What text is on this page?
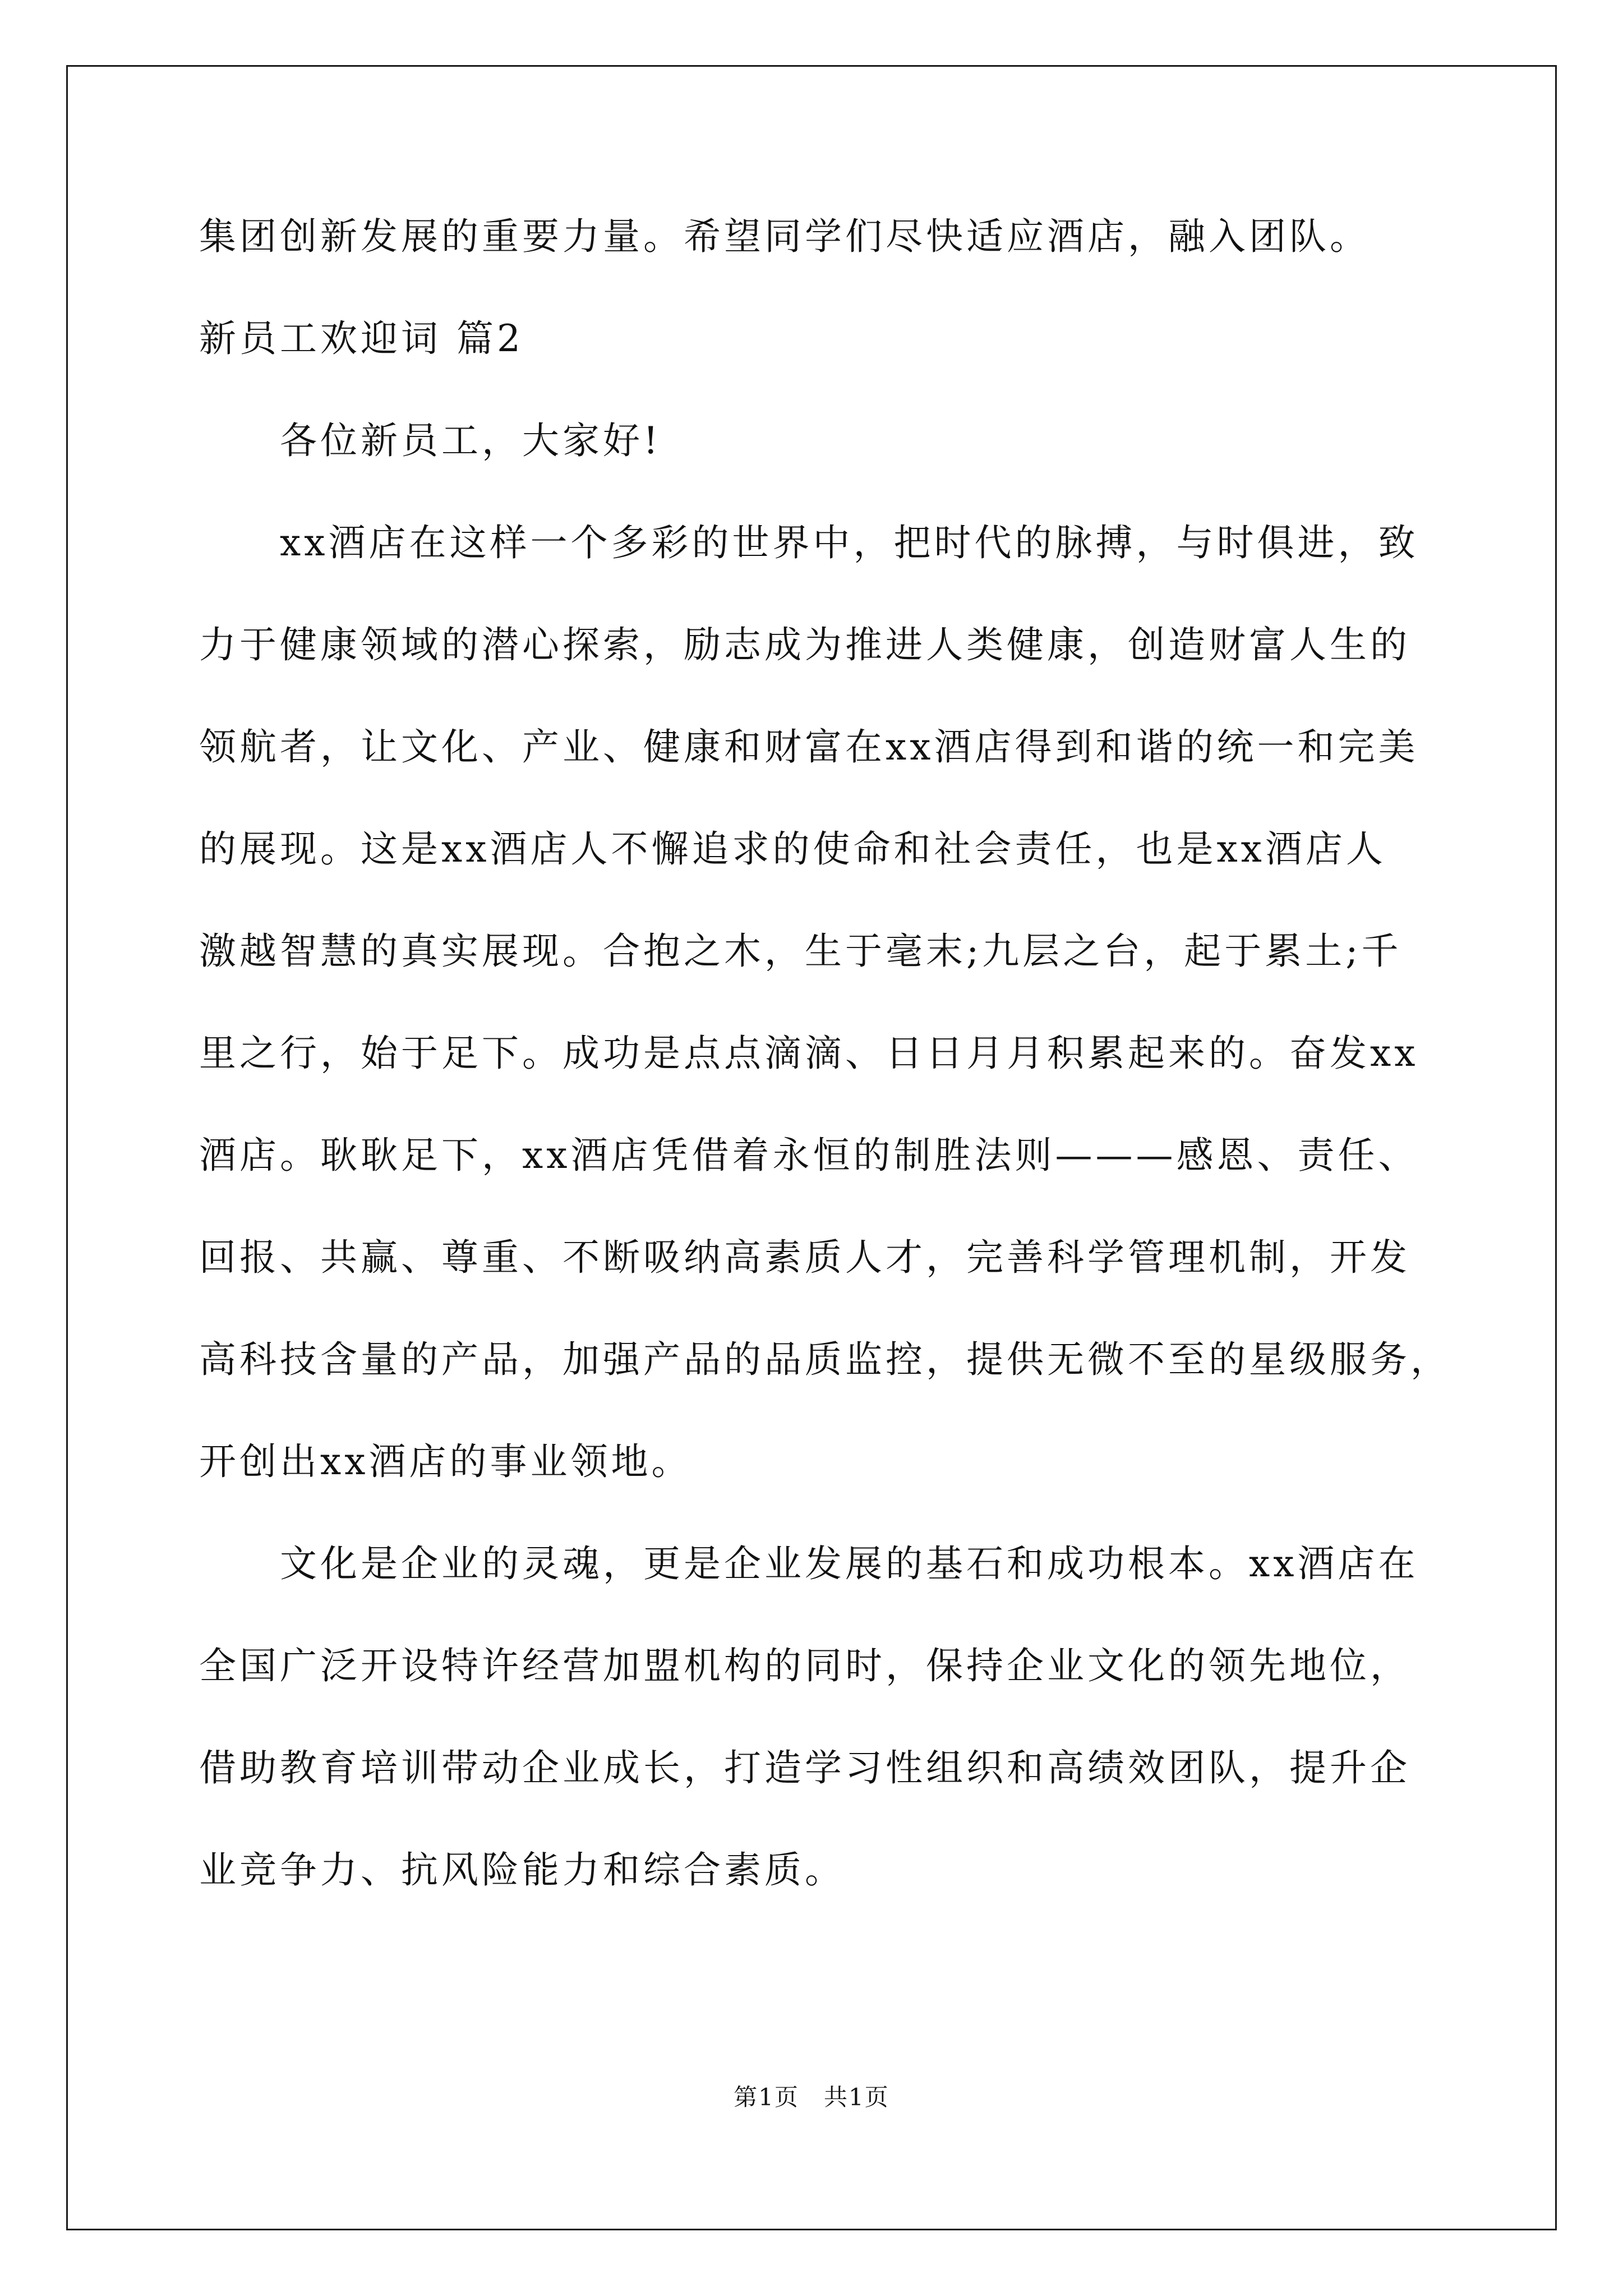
集团创新发展的重要力量。希望同学们尽快适应酒店，融入团队。
新员工欢迎词 篇2
各位新员工，大家好!
xx酒店在这样一个多彩的世界中，把时代的脉搏，与时俱进，致
力于健康领域的潜心探索，励志成为推进人类健康，创造财富人生的
领航者，让文化、产业、健康和财富在xx酒店得到和谐的统一和完美
的展现。这是xx酒店人不懈追求的使命和社会责任，也是xx酒店人
激越智慧的真实展现。合抱之木，生于毫末;九层之台，起于累土;千
里之行，始于足下。成功是点点滴滴、日日月月积累起来的。奋发xx
酒店。耿耿足下，xx酒店凭借着永恒的制胜法则———感恩、责任、
回报、共赢、尊重、不断吸纳高素质人才，完善科学管理机制，开发
高科技含量的产品，加强产品的品质监控，提供无微不至的星级服务，
开创出xx酒店的事业领地。
文化是企业的灵魂，更是企业发展的基石和成功根本。xx酒店在
全国广泛开设特许经营加盟机构的同时，保持企业文化的领先地位，
借助教育培训带动企业成长，打造学习性组织和高绩效团队，提升企
业竞争力、抗风险能力和综合素质。
第1页　共1页
